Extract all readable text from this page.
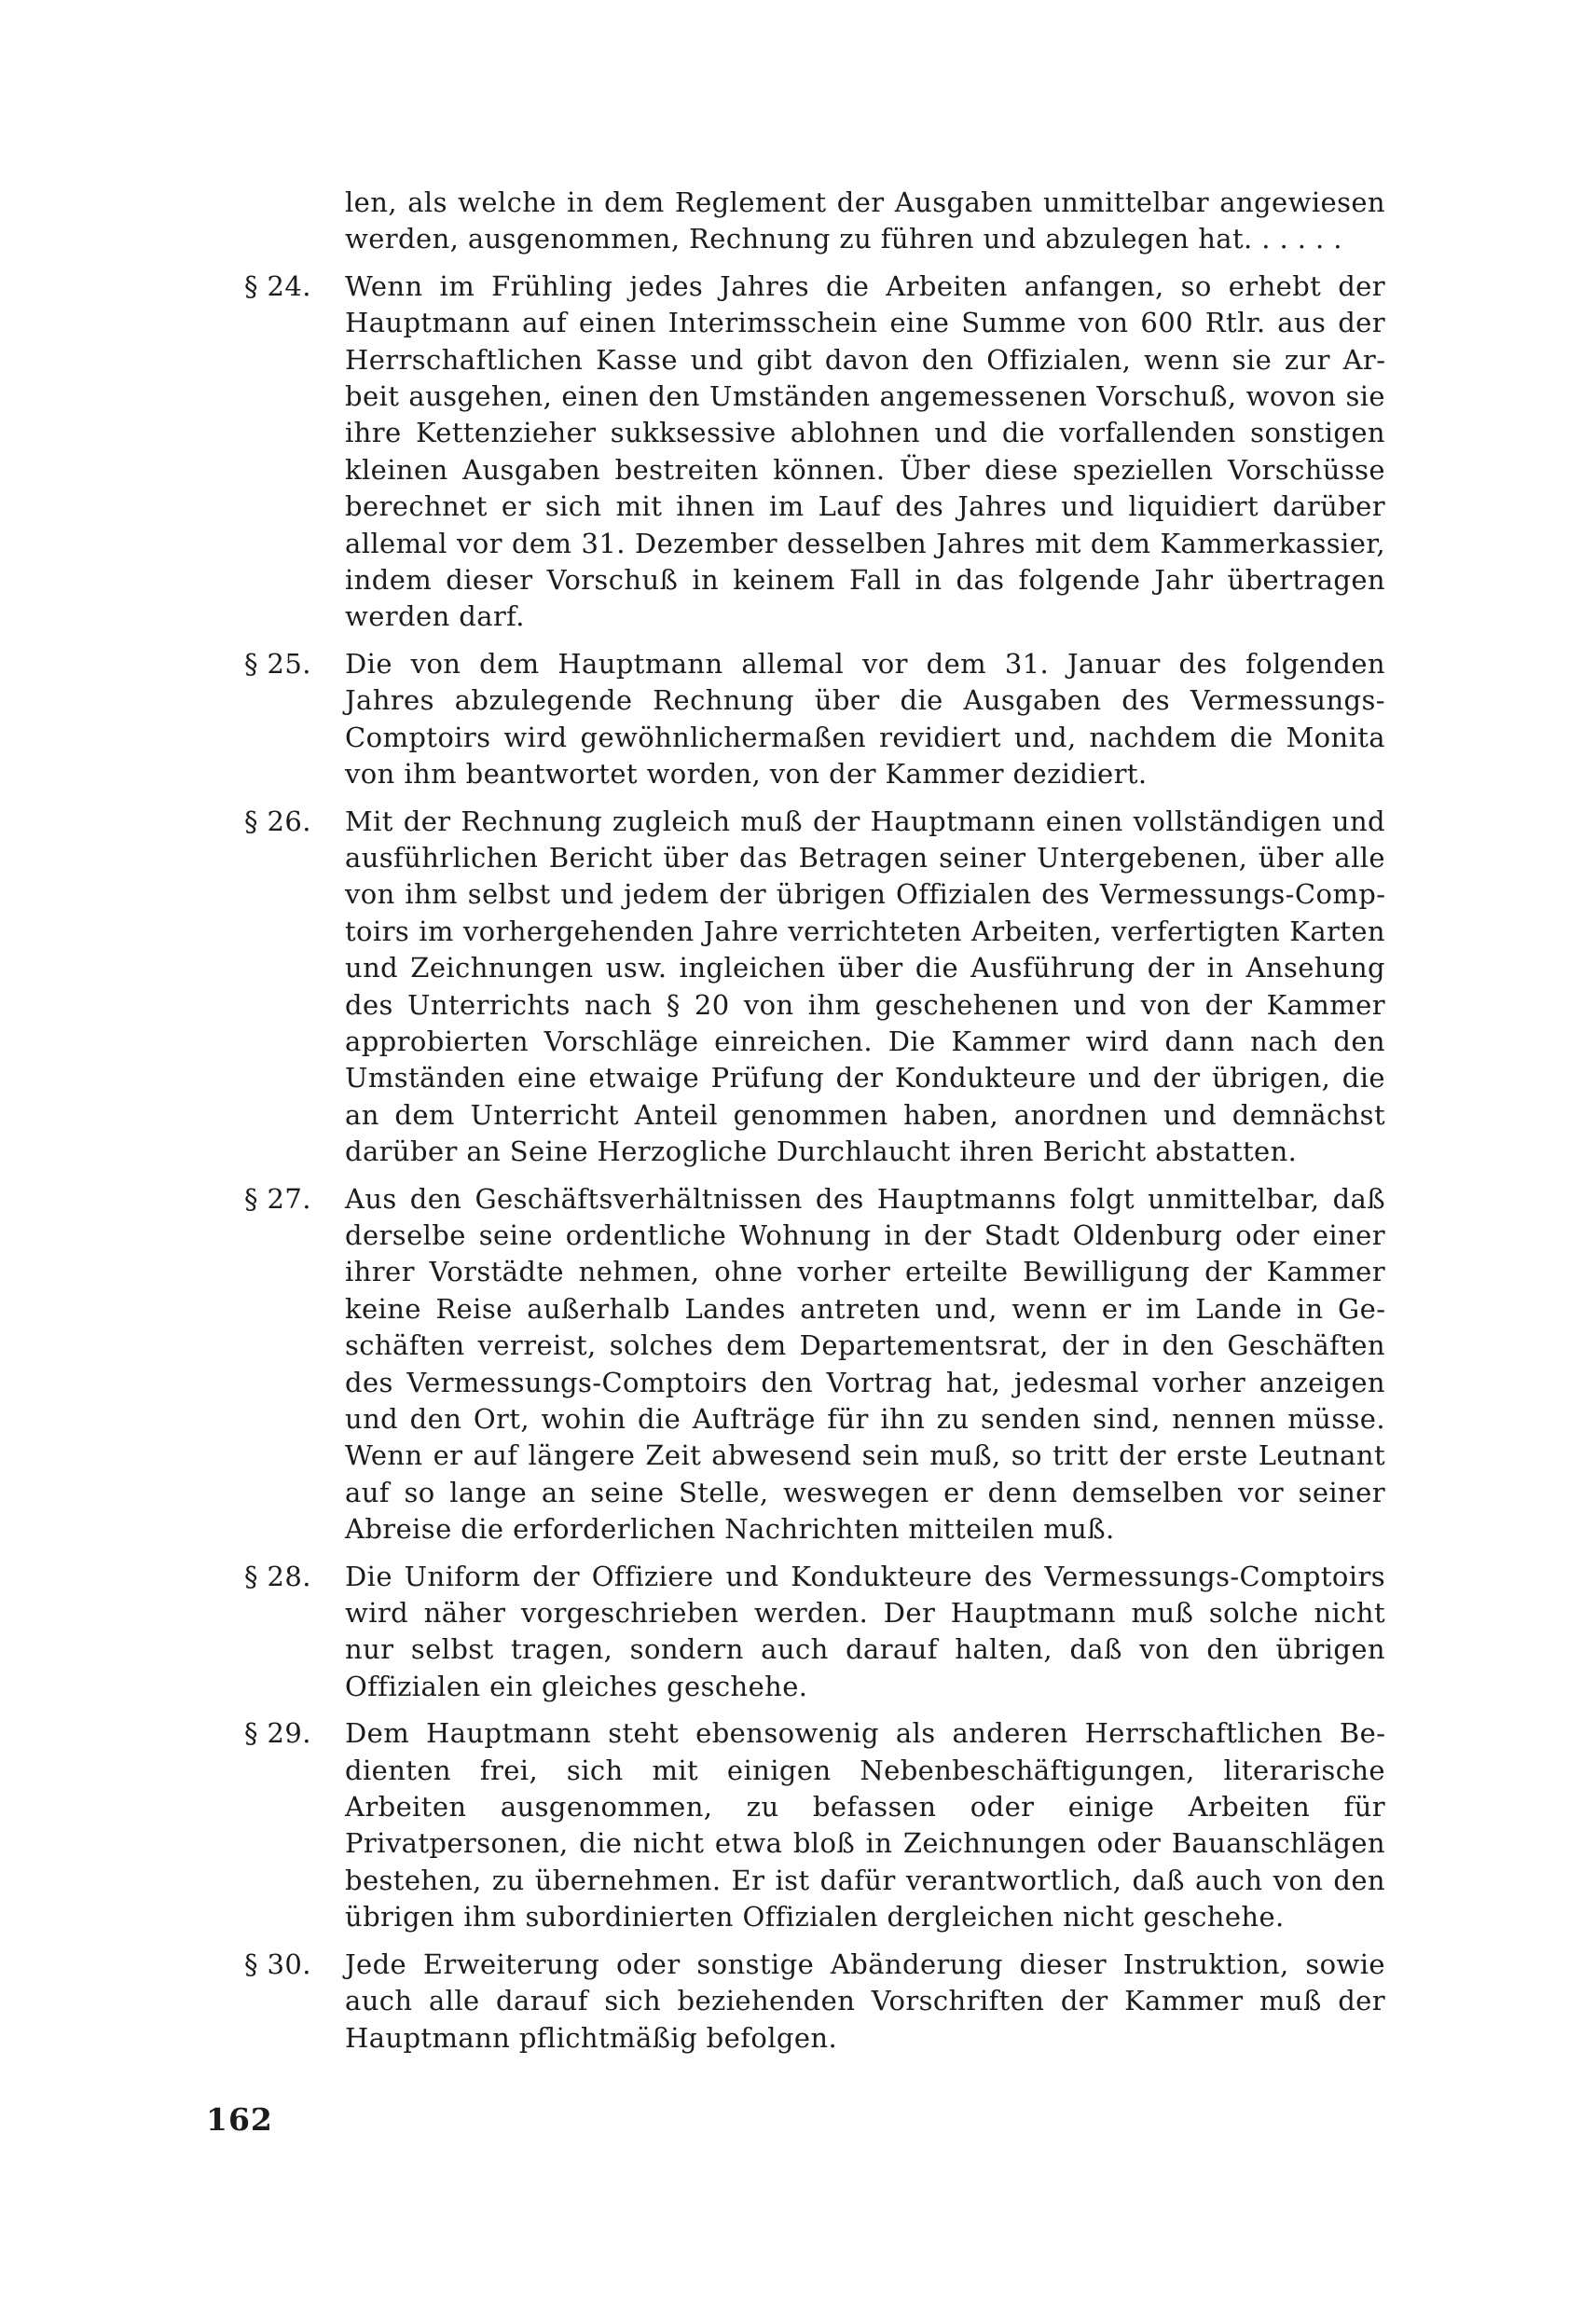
len, als welche in dem Reglement der Ausgaben unmittelbar angewiesen werden, ausgenommen, Rechnung zu führen und abzulegen hat. . . . . .

§ 24.	Wenn im Frühling jedes Jahres die Arbeiten anfangen, so erhebt der Hauptmann auf einen Interimsschein eine Summe von 600 Rtlr. aus der Herrschaftlichen Kasse und gibt davon den Offizialen, wenn sie zur Arbeit ausgehen, einen den Umständen angemessenen Vorschuß, wovon sie ihre Kettenzieher sukksessive ablohnen und die vorfallenden sonstigen kleinen Ausgaben bestreiten können. Über diese speziellen Vorschüsse berechnet er sich mit ihnen im Lauf des Jahres und liquidiert darüber allemal vor dem 31. Dezember desselben Jahres mit dem Kammerkassier, indem dieser Vorschuß in keinem Fall in das folgende Jahr übertragen werden darf.

§ 25.	Die von dem Hauptmann allemal vor dem 31. Januar des folgenden Jahres abzulegende Rechnung über die Ausgaben des Vermessungs-Comptoirs wird gewöhnlichermaßen revidiert und, nachdem die Monita von ihm beantwortet worden, von der Kammer dezidiert.

§ 26.	Mit der Rechnung zugleich muß der Hauptmann einen vollständigen und ausführlichen Bericht über das Betragen seiner Untergebenen, über alle von ihm selbst und jedem der übrigen Offizialen des Vermessungs-Comptoirs im vorhergehenden Jahre verrichteten Arbeiten, verfertigten Karten und Zeichnungen usw. ingleichen über die Ausführung der in Ansehung des Unterrichts nach § 20 von ihm geschehenen und von der Kammer approbierten Vorschläge einreichen. Die Kammer wird dann nach den Umständen eine etwaige Prüfung der Kondukteure und der übrigen, die an dem Unterricht Anteil genommen haben, anordnen und demnächst darüber an Seine Herzogliche Durchlaucht ihren Bericht abstatten.

§ 27.	Aus den Geschäftsverhältnissen des Hauptmanns folgt unmittelbar, daß derselbe seine ordentliche Wohnung in der Stadt Oldenburg oder einer ihrer Vorstädte nehmen, ohne vorher erteilte Bewilligung der Kammer keine Reise außerhalb Landes antreten und, wenn er im Lande in Geschäften verreist, solches dem Departementsrat, der in den Geschäften des Vermessungs-Comptoirs den Vortrag hat, jedesmal vorher anzeigen und den Ort, wohin die Aufträge für ihn zu senden sind, nennen müsse. Wenn er auf längere Zeit abwesend sein muß, so tritt der erste Leutnant auf so lange an seine Stelle, weswegen er denn demselben vor seiner Abreise die erforderlichen Nachrichten mitteilen muß.

§ 28.	Die Uniform der Offiziere und Kondukteure des Vermessungs-Comptoirs wird näher vorgeschrieben werden. Der Hauptmann muß solche nicht nur selbst tragen, sondern auch darauf halten, daß von den übrigen Offizialen ein gleiches geschehe.

§ 29.	Dem Hauptmann steht ebensowenig als anderen Herrschaftlichen Bedienten frei, sich mit einigen Nebenbeschäftigungen, literarische Arbeiten ausgenommen, zu befassen oder einige Arbeiten für Privatpersonen, die nicht etwa bloß in Zeichnungen oder Bauanschlägen bestehen, zu übernehmen. Er ist dafür verantwortlich, daß auch von den übrigen ihm subordinierten Offizialen dergleichen nicht geschehe.

§ 30.	Jede Erweiterung oder sonstige Abänderung dieser Instruktion, sowie auch alle darauf sich beziehenden Vorschriften der Kammer muß der Hauptmann pflichtmäßig befolgen.

162
